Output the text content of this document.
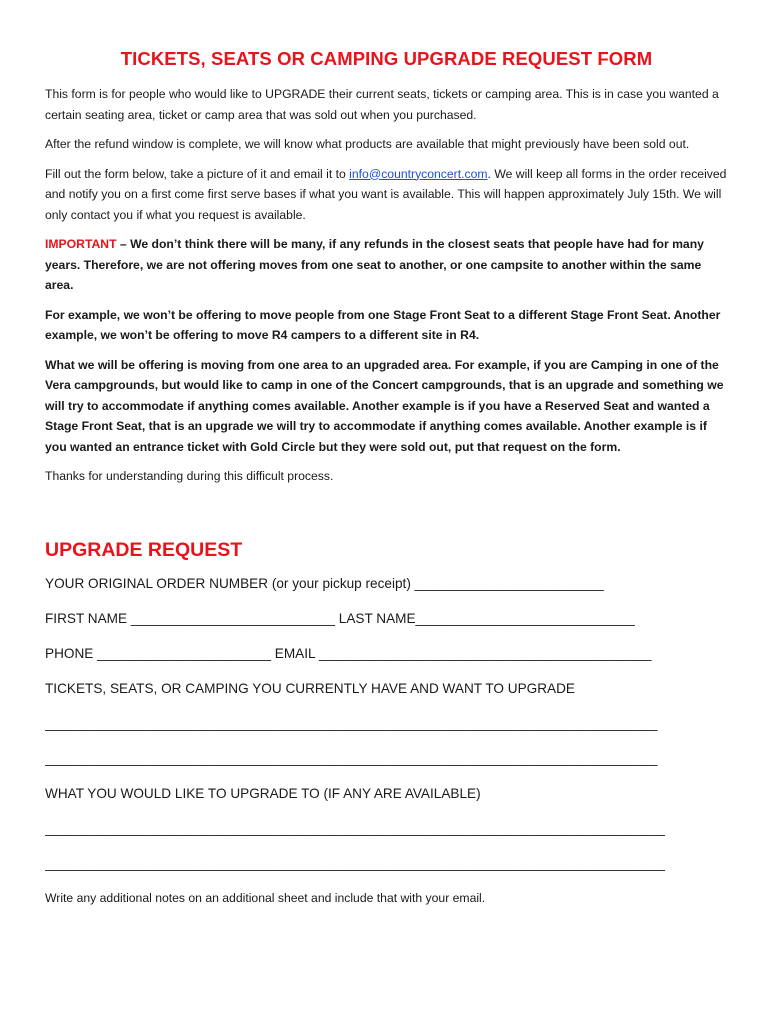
TICKETS, SEATS OR CAMPING UPGRADE REQUEST FORM

This form is for people who would like to UPGRADE their current seats, tickets or camping area. This is in case you wanted a certain seating area, ticket or camp area that was sold out when you purchased.

After the refund window is complete, we will know what products are available that might previously have been sold out.

Fill out the form below, take a picture of it and email it to info@countryconcert.com. We will keep all forms in the order received and notify you on a first come first serve bases if what you want is available. This will happen approximately July 15th. We will only contact you if what you request is available.

IMPORTANT – We don’t think there will be many, if any refunds in the closest seats that people have had for many years. Therefore, we are not offering moves from one seat to another, or one campsite to another within the same area.

For example, we won’t be offering to move people from one Stage Front Seat to a different Stage Front Seat. Another example, we won’t be offering to move R4 campers to a different site in R4.

What we will be offering is moving from one area to an upgraded area. For example, if you are Camping in one of the Vera campgrounds, but would like to camp in one of the Concert campgrounds, that is an upgrade and something we will try to accommodate if anything comes available. Another example is if you have a Reserved Seat and wanted a Stage Front Seat, that is an upgrade we will try to accommodate if anything comes available. Another example is if you wanted an entrance ticket with Gold Circle but they were sold out, put that request on the form.

Thanks for understanding during this difficult process.

UPGRADE REQUEST
YOUR ORIGINAL ORDER NUMBER (or your pickup receipt) _________________________
FIRST NAME ___________________________ LAST NAME_____________________________
PHONE _______________________ EMAIL ____________________________________________
TICKETS, SEATS, OR CAMPING YOU CURRENTLY HAVE AND WANT TO UPGRADE
_________________________________________________________________________________
_________________________________________________________________________________
WHAT YOU WOULD LIKE TO UPGRADE TO (IF ANY ARE AVAILABLE)
__________________________________________________________________________________
__________________________________________________________________________________

Write any additional notes on an additional sheet and include that with your email.
